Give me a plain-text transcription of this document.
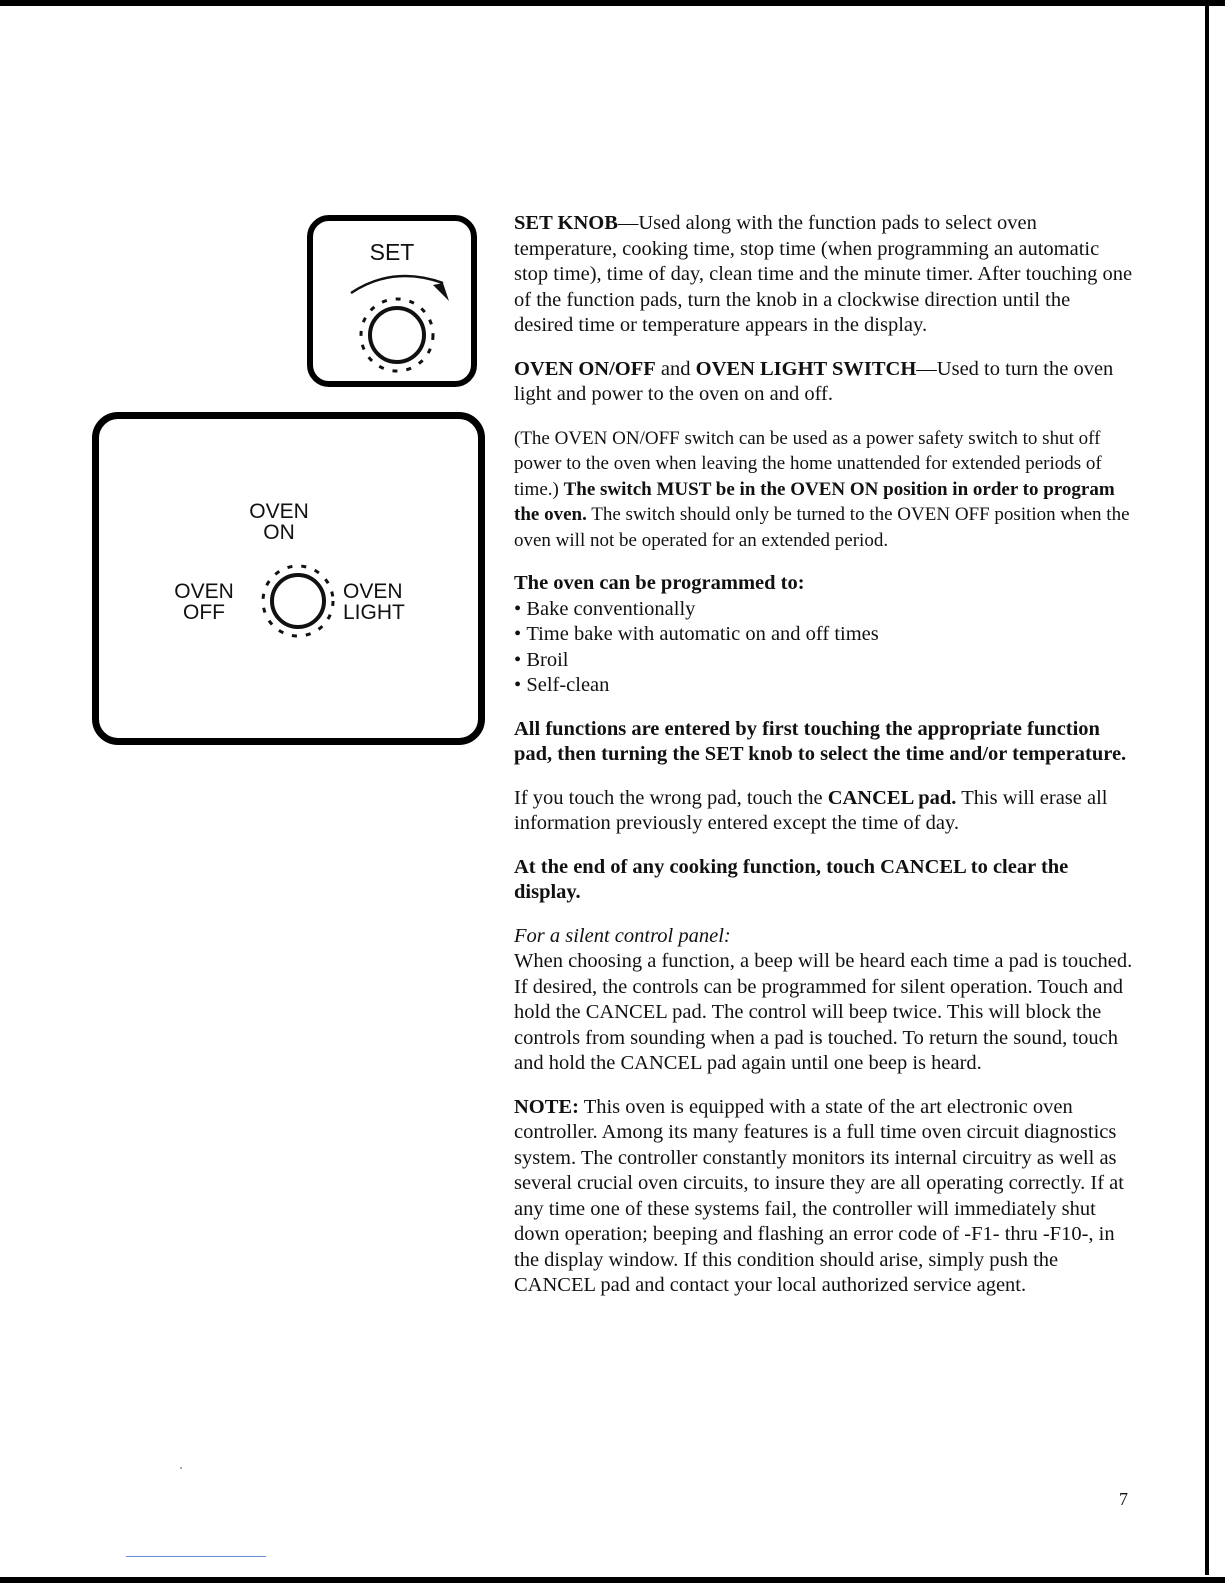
SET
OVEN
ON
OVEN
OFF
OVEN
LIGHT

SET KNOB—Used along with the function pads to select oven temperature, cooking time, stop time (when programming an automatic stop time), time of day, clean time and the minute timer. After touching one of the function pads, turn the knob in a clockwise direction until the desired time or temperature appears in the display.

OVEN ON/OFF and OVEN LIGHT SWITCH—Used to turn the oven light and power to the oven on and off.

(The OVEN ON/OFF switch can be used as a power safety switch to shut off power to the oven when leaving the home unattended for extended periods of time.) The switch MUST be in the OVEN ON position in order to program the oven. The switch should only be turned to the OVEN OFF position when the oven will not be operated for an extended period.

The oven can be programmed to:

• Bake conventionally
• Time bake with automatic on and off times
• Broil
• Self-clean

All functions are entered by first touching the appropriate function pad, then turning the SET knob to select the time and/or temperature.

If you touch the wrong pad, touch the CANCEL pad. This will erase all information previously entered except the time of day.

At the end of any cooking function, touch CANCEL to clear the display.

For a silent control panel:

When choosing a function, a beep will be heard each time a pad is touched. If desired, the controls can be programmed for silent operation. Touch and hold the CANCEL pad. The control will beep twice. This will block the controls from sounding when a pad is touched. To return the sound, touch and hold the CANCEL pad again until one beep is heard.

NOTE: This oven is equipped with a state of the art electronic oven controller. Among its many features is a full time oven circuit diagnostics system. The controller constantly monitors its internal circuitry as well as several crucial oven circuits, to insure they are all operating correctly. If at any time one of these systems fail, the controller will immediately shut down operation; beeping and flashing an error code of -F1- thru -F10-, in the display window. If this condition should arise, simply push the CANCEL pad and contact your local authorized service agent.

7
